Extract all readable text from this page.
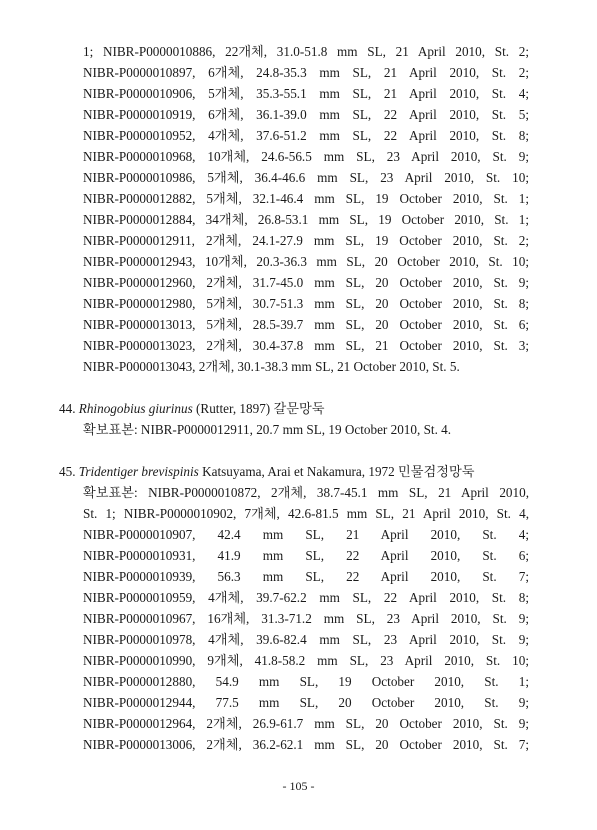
1; NIBR-P0000010886, 22개체, 31.0-51.8 mm SL, 21 April 2010, St. 2;
NIBR-P0000010897, 6개체, 24.8-35.3 mm SL, 21 April 2010, St. 2;
NIBR-P0000010906, 5개체, 35.3-55.1 mm SL, 21 April 2010, St. 4;
NIBR-P0000010919, 6개체, 36.1-39.0 mm SL, 22 April 2010, St. 5;
NIBR-P0000010952, 4개체, 37.6-51.2 mm SL, 22 April 2010, St. 8;
NIBR-P0000010968, 10개체, 24.6-56.5 mm SL, 23 April 2010, St. 9;
NIBR-P0000010986, 5개체, 36.4-46.6 mm SL, 23 April 2010, St. 10;
NIBR-P0000012882, 5개체, 32.1-46.4 mm SL, 19 October 2010, St. 1;
NIBR-P0000012884, 34개체, 26.8-53.1 mm SL, 19 October 2010, St. 1;
NIBR-P0000012911, 2개체, 24.1-27.9 mm SL, 19 October 2010, St. 2;
NIBR-P0000012943, 10개체, 20.3-36.3 mm SL, 20 October 2010, St. 10;
NIBR-P0000012960, 2개체, 31.7-45.0 mm SL, 20 October 2010, St. 9;
NIBR-P0000012980, 5개체, 30.7-51.3 mm SL, 20 October 2010, St. 8;
NIBR-P0000013013, 5개체, 28.5-39.7 mm SL, 20 October 2010, St. 6;
NIBR-P0000013023, 2개체, 30.4-37.8 mm SL, 21 October 2010, St. 3;
NIBR-P0000013043, 2개체, 30.1-38.3 mm SL, 21 October 2010, St. 5.
44. Rhinogobius giurinus (Rutter, 1897) 갈문망둑
확보표본: NIBR-P0000012911, 20.7 mm SL, 19 October 2010, St. 4.
45. Tridentiger brevispinis Katsuyama, Arai et Nakamura, 1972 민물검정망둑
확보표본: NIBR-P0000010872, 2개체, 38.7-45.1 mm SL, 21 April 2010,
St. 1; NIBR-P0000010902, 7개체, 42.6-81.5 mm SL, 21 April 2010, St. 4,
NIBR-P0000010907, 42.4 mm SL, 21 April 2010, St. 4;
NIBR-P0000010931, 41.9 mm SL, 22 April 2010, St. 6;
NIBR-P0000010939, 56.3 mm SL, 22 April 2010, St. 7;
NIBR-P0000010959, 4개체, 39.7-62.2 mm SL, 22 April 2010, St. 8;
NIBR-P0000010967, 16개체, 31.3-71.2 mm SL, 23 April 2010, St. 9;
NIBR-P0000010978, 4개체, 39.6-82.4 mm SL, 23 April 2010, St. 9;
NIBR-P0000010990, 9개체, 41.8-58.2 mm SL, 23 April 2010, St. 10;
NIBR-P0000012880, 54.9 mm SL, 19 October 2010, St. 1;
NIBR-P0000012944, 77.5 mm SL, 20 October 2010, St. 9;
NIBR-P0000012964, 2개체, 26.9-61.7 mm SL, 20 October 2010, St. 9;
NIBR-P0000013006, 2개체, 36.2-62.1 mm SL, 20 October 2010, St. 7;
- 105 -
